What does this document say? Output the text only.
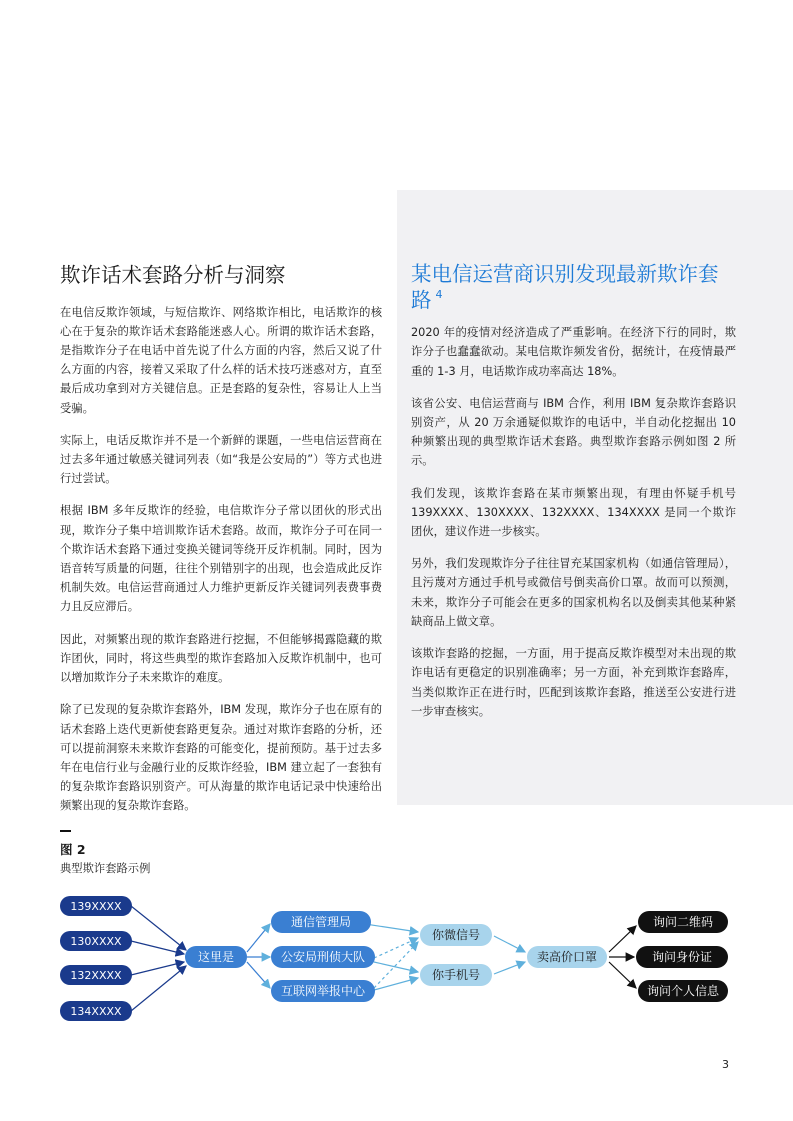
欺诈话术套路分析与洞察

在电信反欺诈领域，与短信欺诈、网络欺诈相比，电话欺诈的核心在于复杂的欺诈话术套路能迷惑人心。所谓的欺诈话术套路，是指欺诈分子在电话中首先说了什么方面的内容，然后又说了什么方面的内容，接着又采取了什么样的话术技巧迷惑对方，直至最后成功拿到对方关键信息。正是套路的复杂性，容易让人上当受骗。

实际上，电话反欺诈并不是一个新鲜的课题，一些电信运营商在过去多年通过敏感关键词列表（如“我是公安局的”）等方式也进行过尝试。

根据 IBM 多年反欺诈的经验，电信欺诈分子常以团伙的形式出现，欺诈分子集中培训欺诈话术套路。故而，欺诈分子可在同一个欺诈话术套路下通过变换关键词等绕开反诈机制。同时，因为语音转写质量的问题，往往个别错别字的出现，也会造成此反诈机制失效。电信运营商通过人力维护更新反诈关键词列表费事费力且反应滞后。

因此，对频繁出现的欺诈套路进行挖掘，不但能够揭露隐藏的欺诈团伙，同时，将这些典型的欺诈套路加入反欺诈机制中，也可以增加欺诈分子未来欺诈的难度。

除了已发现的复杂欺诈套路外，IBM 发现，欺诈分子也在原有的话术套路上迭代更新使套路更复杂。通过对欺诈套路的分析，还可以提前洞察未来欺诈套路的可能变化，提前预防。基于过去多年在电信行业与金融行业的反欺诈经验，IBM 建立起了一套独有的复杂欺诈套路识别资产。可从海量的欺诈电话记录中快速给出频繁出现的复杂欺诈套路。

某电信运营商识别发现最新欺诈套路 $^4$

2020 年的疫情对经济造成了严重影响。在经济下行的同时，欺诈分子也蠢蠢欲动。某电信欺诈频发省份，据统计，在疫情最严重的 1-3 月，电话欺诈成功率高达 18%。

该省公安、电信运营商与 IBM 合作，利用 IBM 复杂欺诈套路识别资产，从 20 万余通疑似欺诈的电话中，半自动化挖掘出 10 种频繁出现的典型欺诈话术套路。典型欺诈套路示例如图 2 所示。

我们发现，该欺诈套路在某市频繁出现，有理由怀疑手机号 139XXXX、130XXXX、132XXXX、134XXXX 是同一个欺诈团伙，建议作进一步核实。

另外，我们发现欺诈分子往往冒充某国家机构（如通信管理局），且污蔑对方通过手机号或微信号倒卖高价口罩。故而可以预测，未来，欺诈分子可能会在更多的国家机构名以及倒卖其他某种紧缺商品上做文章。

该欺诈套路的挖掘，一方面，用于提高反欺诈模型对未出现的欺诈电话有更稳定的识别准确率；另一方面，补充到欺诈套路库，当类似欺诈正在进行时，匹配到该欺诈套路，推送至公安进行进一步审查核实。

图 2
典型欺诈套路示例
139XXXX
130XXXX
132XXXX
134XXXX
这里是
通信管理局
公安局刑侦大队
互联网举报中心
你微信号
你手机号
卖高价口罩
询问二维码
询问身份证
询问个人信息
3
